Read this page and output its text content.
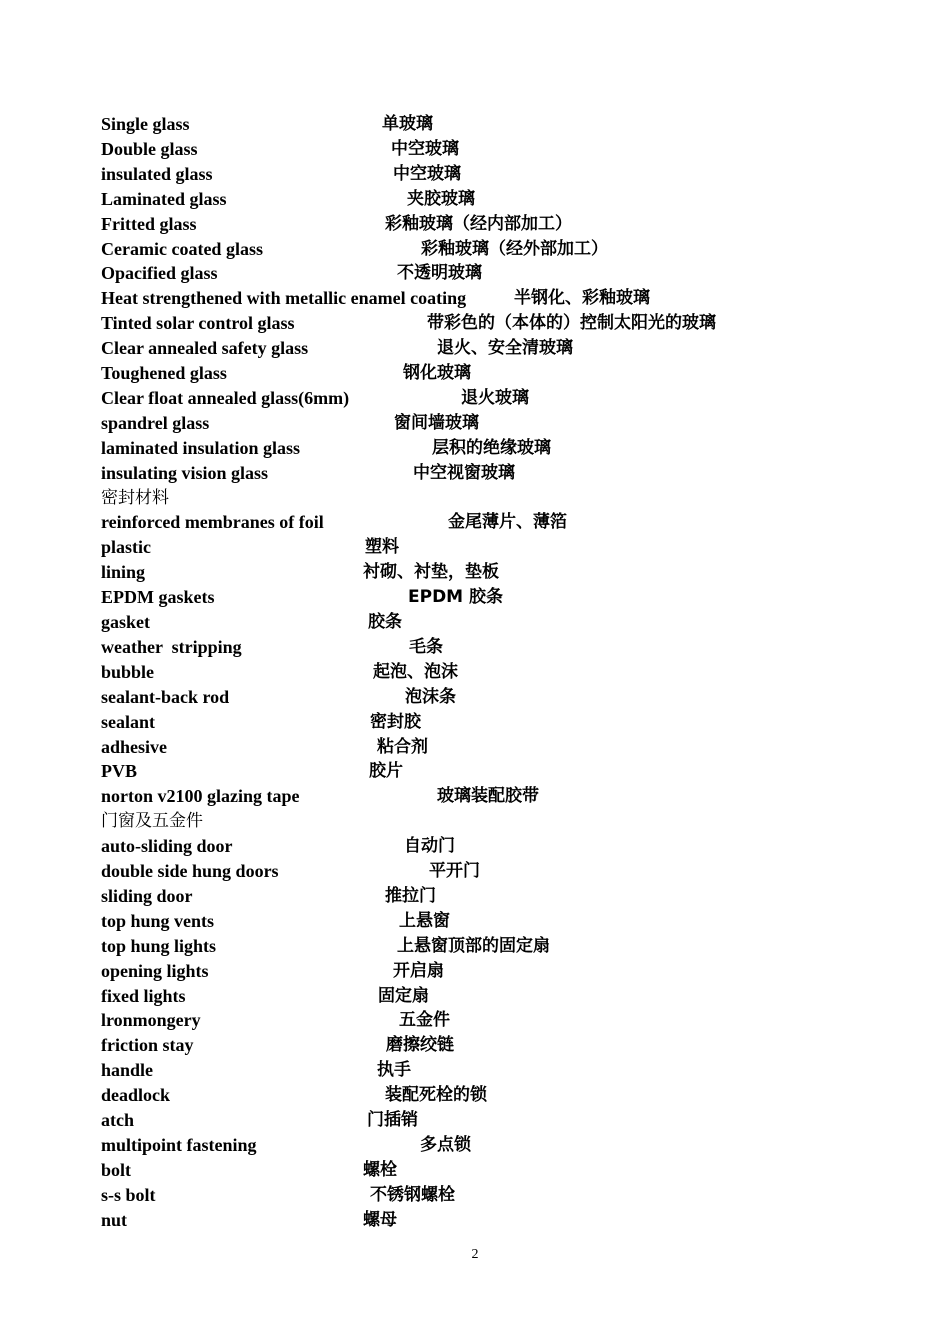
Single glass	单玻璃
Double glass	中空玻璃
insulated glass	中空玻璃
Laminated glass	夹胶玻璃
Fritted glass	彩釉玻璃（经内部加工）
Ceramic coated glass	彩釉玻璃（经外部加工）
Opacified glass	不透明玻璃
Heat strengthened with metallic enamel coating	半钢化、彩釉玻璃
Tinted solar control glass	带彩色的（本体的）控制太阳光的玻璃
Clear annealed safety glass	退火、安全清玻璃
Toughened glass	钢化玻璃
Clear float annealed glass(6mm)	退火玻璃
spandrel glass	窗间墙玻璃
laminated insulation glass	层积的绝缘玻璃
insulating vision glass	中空视窗玻璃
密封材料
reinforced membranes of foil	金尾薄片、薄箔
plastic	塑料
lining	衬砌、衬垫，垫板
EPDM gaskets	EPDM 胶条
gasket	胶条
weather  stripping	毛条
bubble	起泡、泡沫
sealant-back rod	泡沫条
sealant	密封胶
adhesive	粘合剂
PVB	胶片
norton v2100 glazing tape	玻璃装配胶带
门窗及五金件
auto-sliding door	自动门
double side hung doors	平开门
sliding door	推拉门
top hung vents	上悬窗
top hung lights	上悬窗顶部的固定扇
opening lights	开启扇
fixed lights	固定扇
lronmongery	五金件
friction stay	磨擦绞链
handle	执手
deadlock	装配死栓的锁
atch	门插销
multipoint fastening	多点锁
bolt	螺栓
s-s bolt	不锈钢螺栓
nut	螺母
2
